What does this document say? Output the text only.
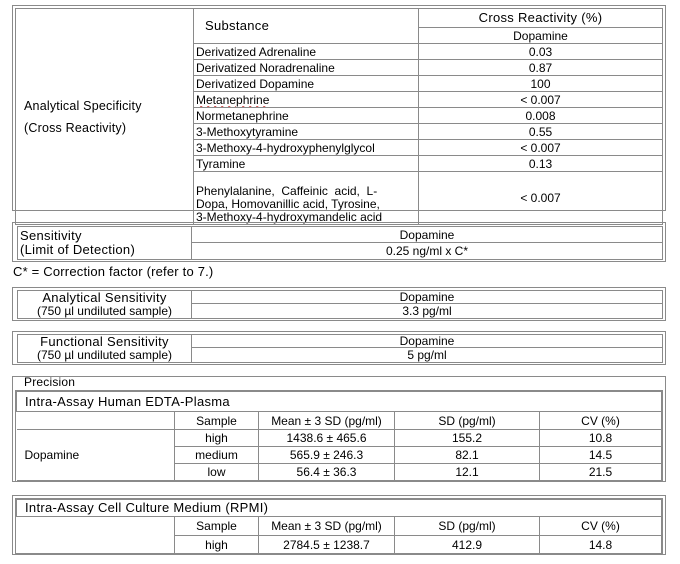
Analytical Specificity
(Cross Reactivity)	Substance	Cross Reactivity (%)
		Dopamine
	Derivatized Adrenaline	0.03
	Derivatized Noradrenaline	0.87
	Derivatized Dopamine	100
	Metanephrine	< 0.007
	Normetanephrine	0.008
	3-Methoxytyramine	0.55
	3-Methoxy-4-hydroxyphenylglycol	< 0.007
	Tyramine	0.13

Phenylalanine,  Caffeinic  acid,  L-
Dopa, Homovanillic acid, Tyrosine,
3-Methoxy-4-hydroxymandelic acid	< 0.007
Sensitivity
(Limit of Detection)	Dopamine
0.25 ng/ml x C*
C* = Correction factor (refer to 7.)
Analytical Sensitivity
(750 µl undiluted sample)	Dopamine
3.3 pg/ml
Functional Sensitivity
(750 µl undiluted sample)	Dopamine
5 pg/ml
Precision
Intra-Assay Human EDTA-Plasma				
	Sample	Mean ± 3 SD (pg/ml)	SD (pg/ml)	CV (%)
Dopamine	high	1438.6 ± 465.6	155.2	10.8
	medium	565.9 ± 246.3	82.1	14.5
	low	56.4 ± 36.3	12.1	21.5
Intra-Assay Cell Culture Medium (RPMI)				
	Sample	Mean ± 3 SD (pg/ml)	SD (pg/ml)	CV (%)
	high	2784.5 ± 1238.7	412.9	14.8
